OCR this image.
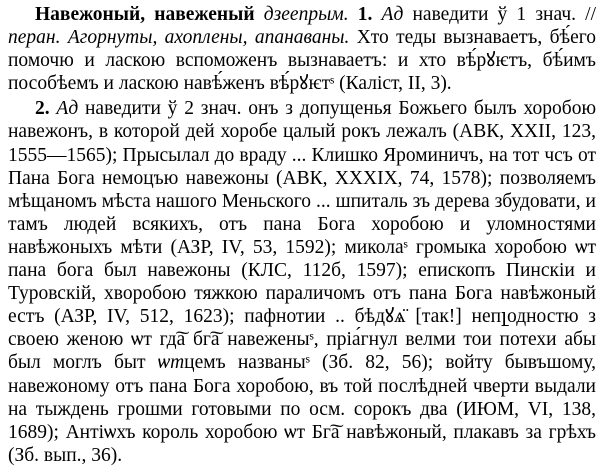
Навежоный, навеженый дзеепрым. 1. Ад наведити ў 1 знач. // перан. Агорнуты, ахоплены, апанаваны. Хто теды вызнаваетъ, бѣ́его помочю и ласкою вспоможенъ вызнаваетъ: и хто вѣ́рꙋѥтъ, бѣ́имъ пособѣемъ и ласкою навѣ́женъ вѣ́рꙋѥтˢ (Каліст, II, 3).

2. Ад наведити ў 2 знач. онъ з допущенья Божьего былъ хоробою навежонъ, в которой дей хоробе цалый рокъ лежалъ (АВК, XXII, 123, 1555—1565); Прысылал до враду ... Клишко Яроминичъ, на тот чсъ от Пана Бога немоцъю навежоны (АВК, XXXIX, 74, 1578); позволяемъ мѣщаномъ мѣста нашого Меньского ... шпиталь зъ дерева збудовати, и тамъ людей всякихъ, отъ пана Бога хоробою и уломностями навѣжоныхъ мѣти (АЗР, IV, 53, 1592); миколаˢ громыка хоробою ѡт пана бога был навежоны (КЛС, 112б, 1597); епископъ Пинскіи и Туровскій, хворобою тяжкою параличомъ отъ пана Бога навѣжоный естъ (АЗР, IV, 512, 1623); пафнотии .. бѣдꙋѧ̈ [так!] непլодностю з своею женою ѡт гд͠а бг͠а навеженыˢ, пріа́гнул велми тои потехи абы был моглъ быт ѡтцемъ названыˢ (Зб. 82, 56); войту бывъшому, навежоному отъ пана Бога хоробою, въ той послѣдней чверти выдали на тыждень грошми готовыми по осм. сорокъ два (ИЮМ, VI, 138, 1689); Антіѡхъ король хоробою ѡт Бг͠а навѣжоный, плакавъ за грѣхъ (Зб. вып., 36).
